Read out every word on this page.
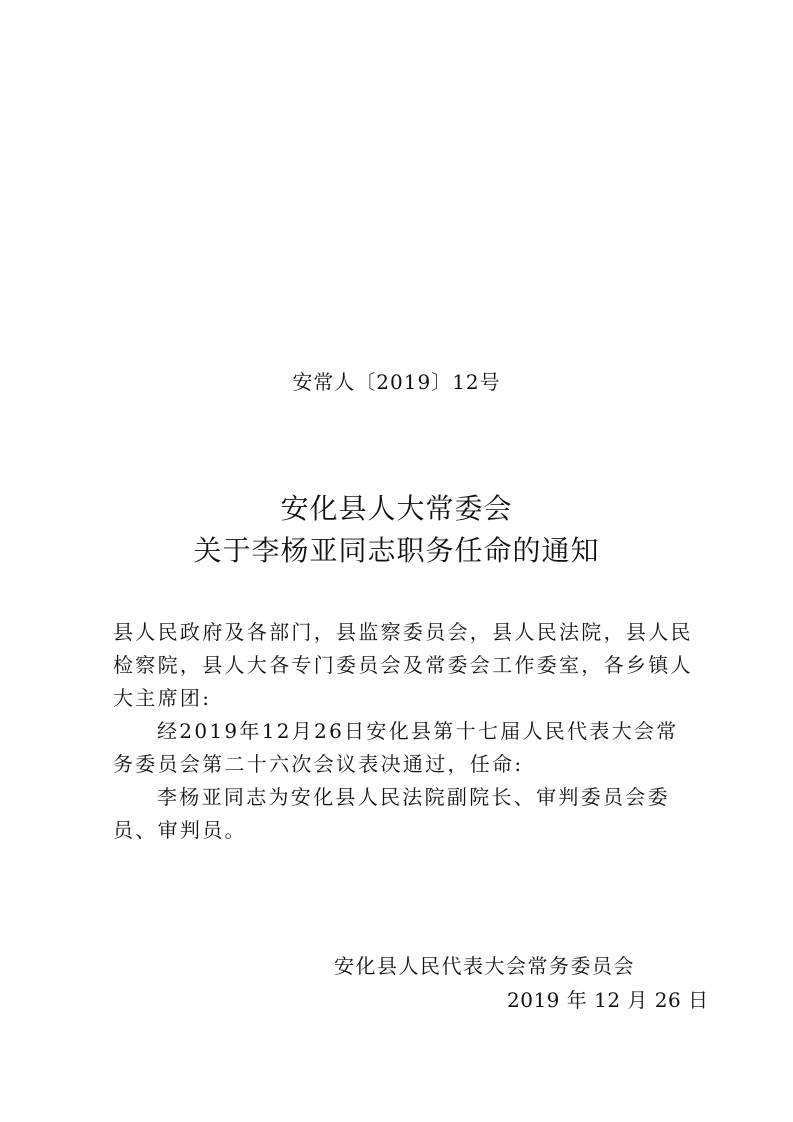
安常人〔2019〕12号
安化县人大常委会
关于李杨亚同志职务任命的通知

县人民政府及各部门，县监察委员会，县人民法院，县人民检察院，县人大各专门委员会及常委会工作委室，各乡镇人大主席团:

经2019年12月26日安化县第十七届人民代表大会常务委员会第二十六次会议表决通过，任命:

李杨亚同志为安化县人民法院副院长、审判委员会委员、审判员。

安化县人民代表大会常务委员会
2019 年 12 月 26 日
